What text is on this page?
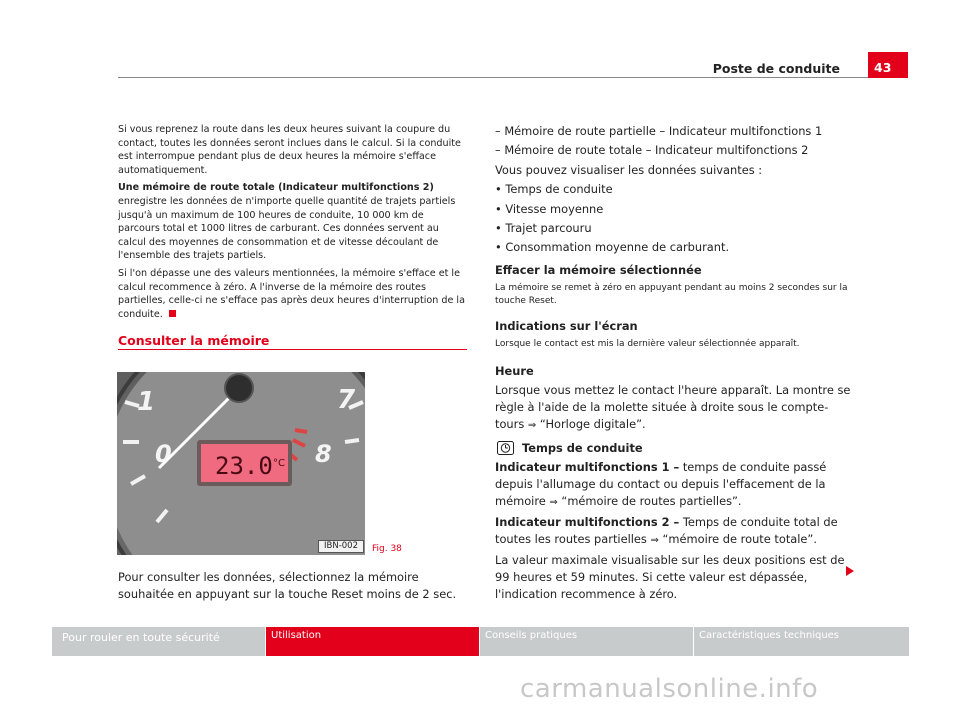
Poste de conduite	43

Si vous reprenez la route dans les deux heures suivant la coupure du contact, toutes les données seront inclues dans le calcul. Si la conduite est interrompue pendant plus de deux heures la mémoire s'efface automatiquement.

Une mémoire de route totale (Indicateur multifonctions 2) enregistre les données de n'importe quelle quantité de trajets partiels jusqu'à un maximum de 100 heures de conduite, 10 000 km de parcours total et 1000 litres de carburant. Ces données servent au calcul des moyennes de consommation et de vitesse découlant de l'ensemble des trajets partiels.

Si l'on dépasse une des valeurs mentionnées, la mémoire s'efface et le calcul recommence à zéro. A l'inverse de la mémoire des routes partielles, celle-ci ne s'efface pas après deux heures d'interruption de la conduite.

Consulter la mémoire
1	7
0	8
23.0 °C
IBN-002	Fig. 38
Pour consulter les données, sélectionnez la mémoire souhaitée en appuyant sur la touche Reset moins de 2 sec.
– Mémoire de route partielle – Indicateur multifonctions 1
– Mémoire de route totale – Indicateur multifonctions 2
Vous pouvez visualiser les données suivantes :
• Temps de conduite
• Vitesse moyenne
• Trajet parcouru
• Consommation moyenne de carburant.
Effacer la mémoire sélectionnée
La mémoire se remet à zéro en appuyant pendant au moins 2 secondes sur la touche Reset.
Indications sur l'écran
Lorsque le contact est mis la dernière valeur sélectionnée apparaît.
Heure

Lorsque vous mettez le contact l'heure apparaît. La montre se règle à l'aide de la molette située à droite sous le compte-tours ⇒ “Horloge digitale”.

Temps de conduite

Indicateur multifonctions 1 – temps de conduite passé depuis l'allumage du contact ou depuis l'effacement de la mémoire ⇒ “mémoire de routes partielles”.

Indicateur multifonctions 2 – Temps de conduite total de toutes les routes partielles ⇒ “mémoire de route totale”.

La valeur maximale visualisable sur les deux positions est de 99 heures et 59 minutes. Si cette valeur est dépassée, l'indication recommence à zéro.

Pour rouler en toute sécurité	Utilisation	Conseils pratiques	Caractéristiques techniques
carmanualsonline.info
